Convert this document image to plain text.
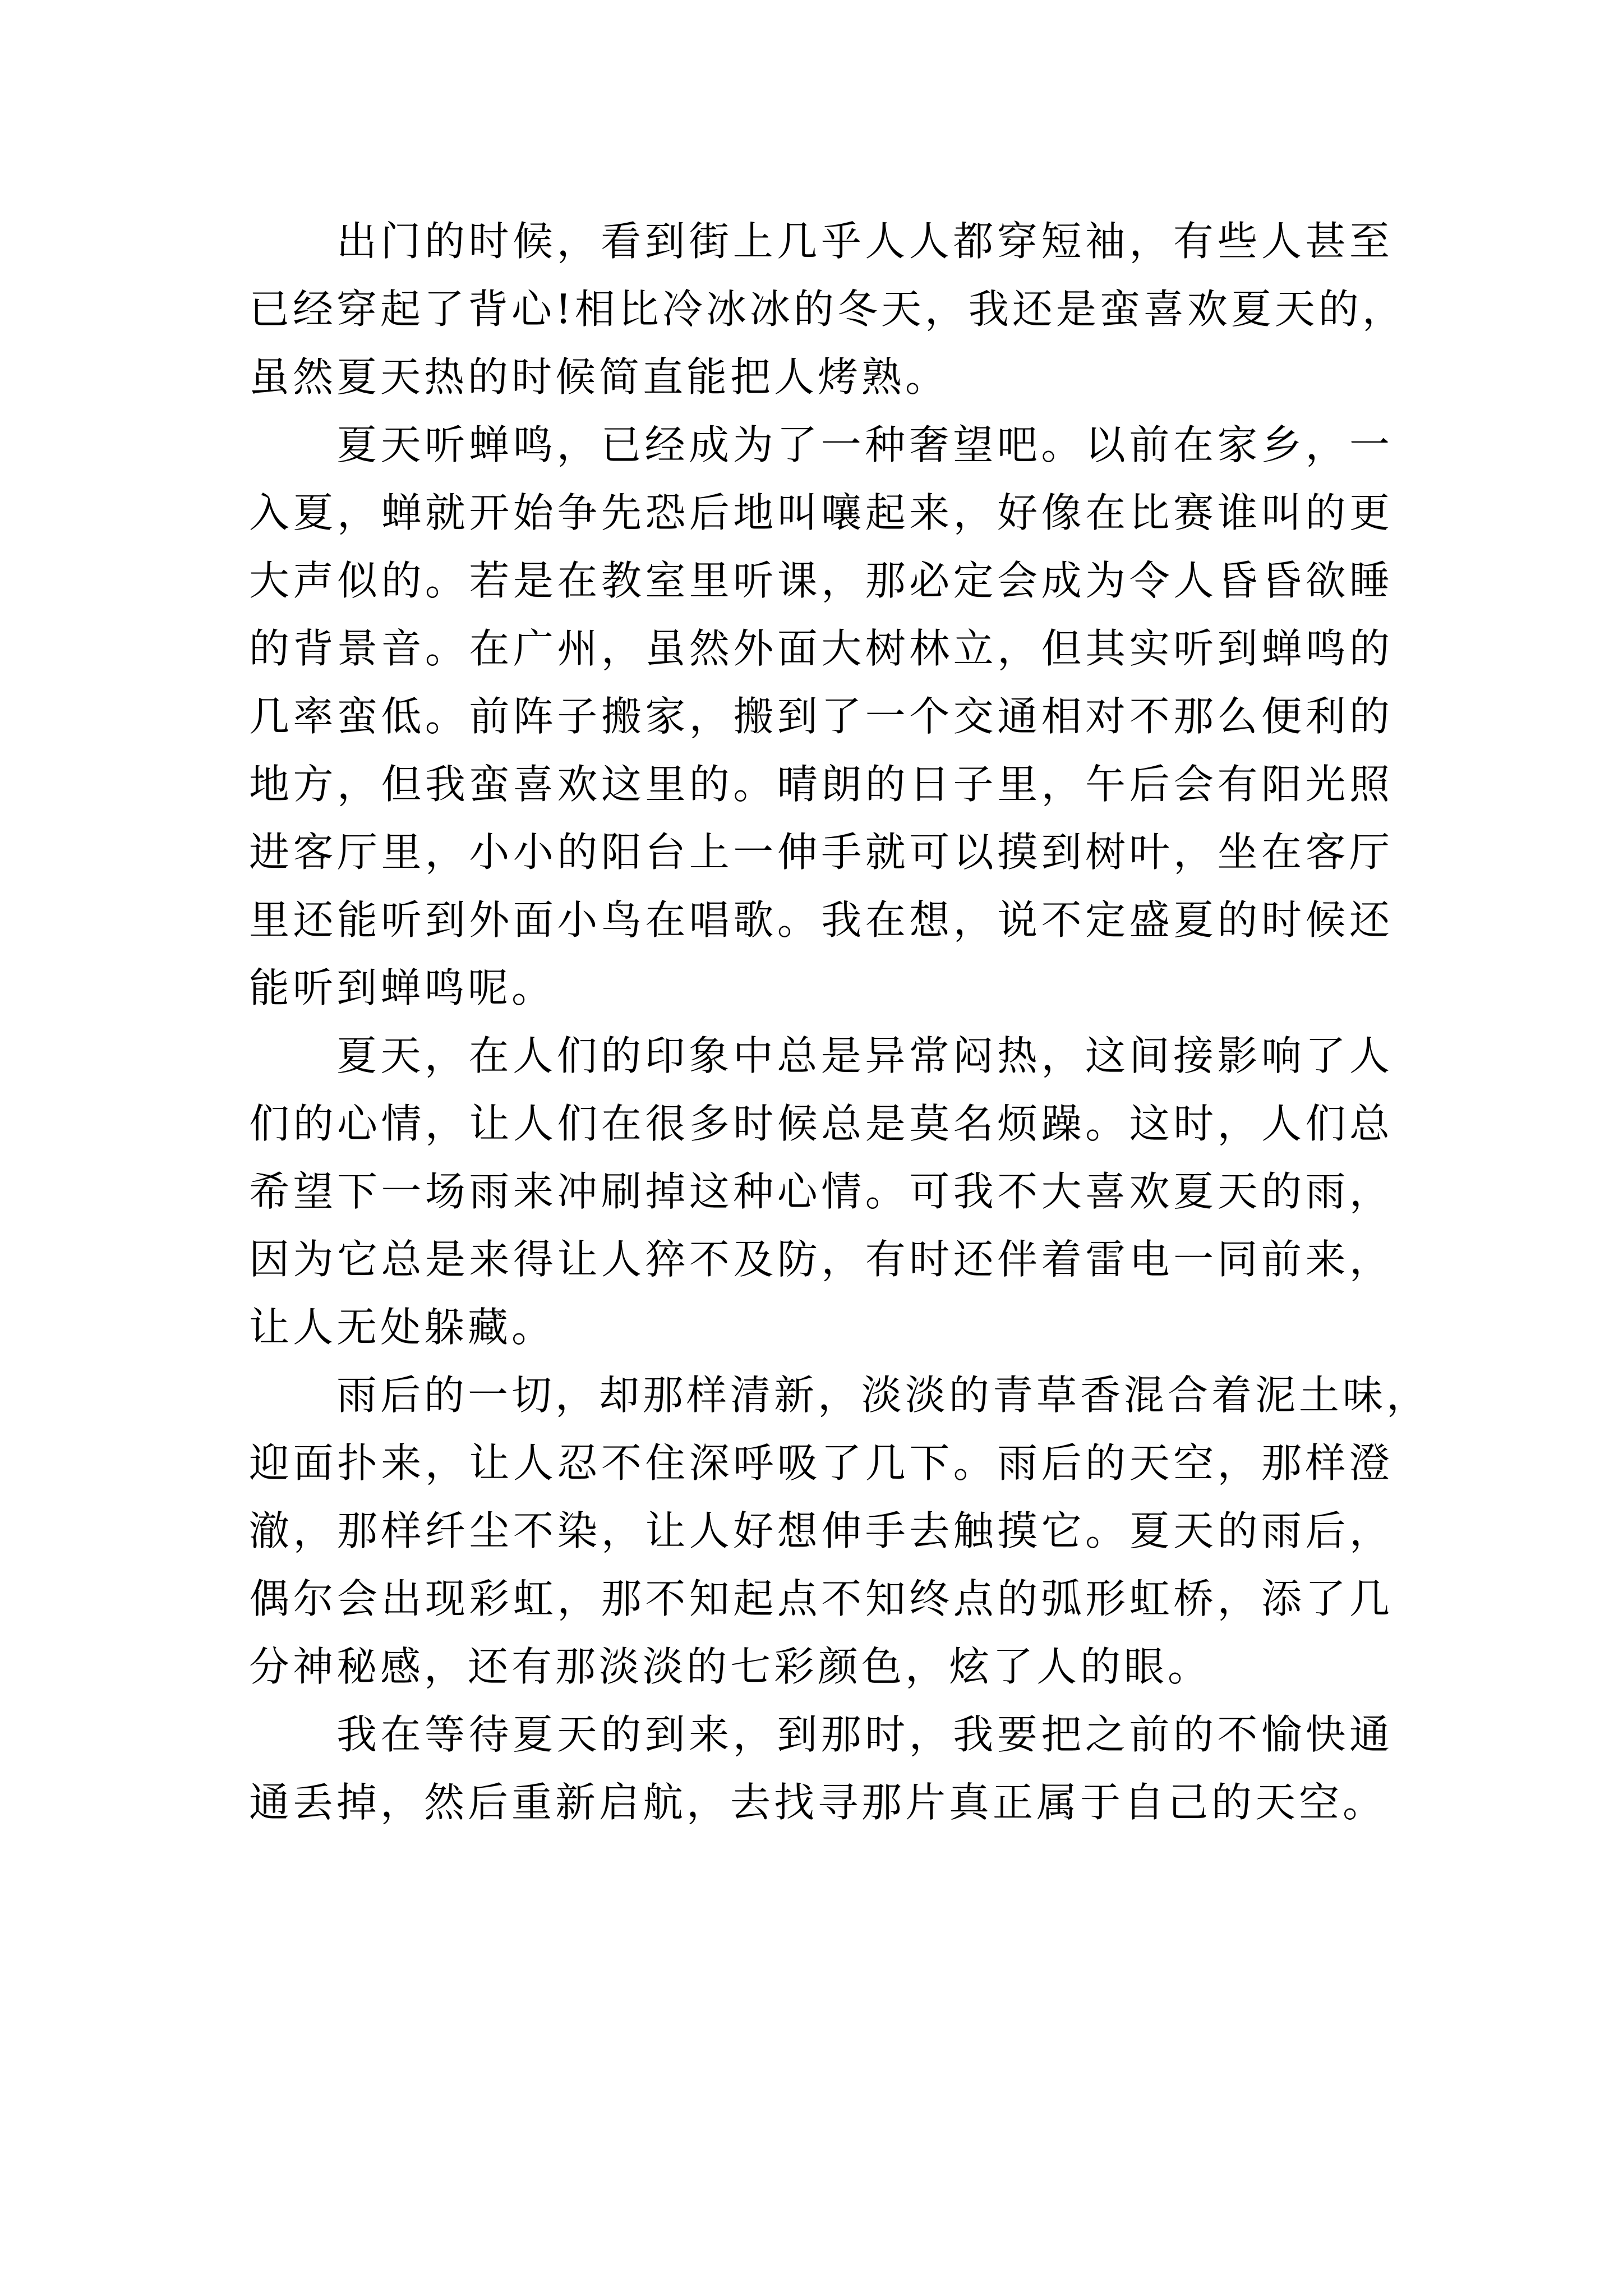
出门的时候，看到街上几乎人人都穿短袖，有些人甚至
已经穿起了背心!相比冷冰冰的冬天，我还是蛮喜欢夏天的，
虽然夏天热的时候简直能把人烤熟。
夏天听蝉鸣，已经成为了一种奢望吧。以前在家乡，一
入夏，蝉就开始争先恐后地叫嚷起来，好像在比赛谁叫的更
大声似的。若是在教室里听课，那必定会成为令人昏昏欲睡
的背景音。在广州，虽然外面大树林立，但其实听到蝉鸣的
几率蛮低。前阵子搬家，搬到了一个交通相对不那么便利的
地方，但我蛮喜欢这里的。晴朗的日子里，午后会有阳光照
进客厅里，小小的阳台上一伸手就可以摸到树叶，坐在客厅
里还能听到外面小鸟在唱歌。我在想，说不定盛夏的时候还
能听到蝉鸣呢。
夏天，在人们的印象中总是异常闷热，这间接影响了人
们的心情，让人们在很多时候总是莫名烦躁。这时，人们总
希望下一场雨来冲刷掉这种心情。可我不大喜欢夏天的雨，
因为它总是来得让人猝不及防，有时还伴着雷电一同前来，
让人无处躲藏。
雨后的一切，却那样清新，淡淡的青草香混合着泥土味，
迎面扑来，让人忍不住深呼吸了几下。雨后的天空，那样澄
澈，那样纤尘不染，让人好想伸手去触摸它。夏天的雨后，
偶尔会出现彩虹，那不知起点不知终点的弧形虹桥，添了几
分神秘感，还有那淡淡的七彩颜色，炫了人的眼。
我在等待夏天的到来，到那时，我要把之前的不愉快通
通丢掉，然后重新启航，去找寻那片真正属于自己的天空。
